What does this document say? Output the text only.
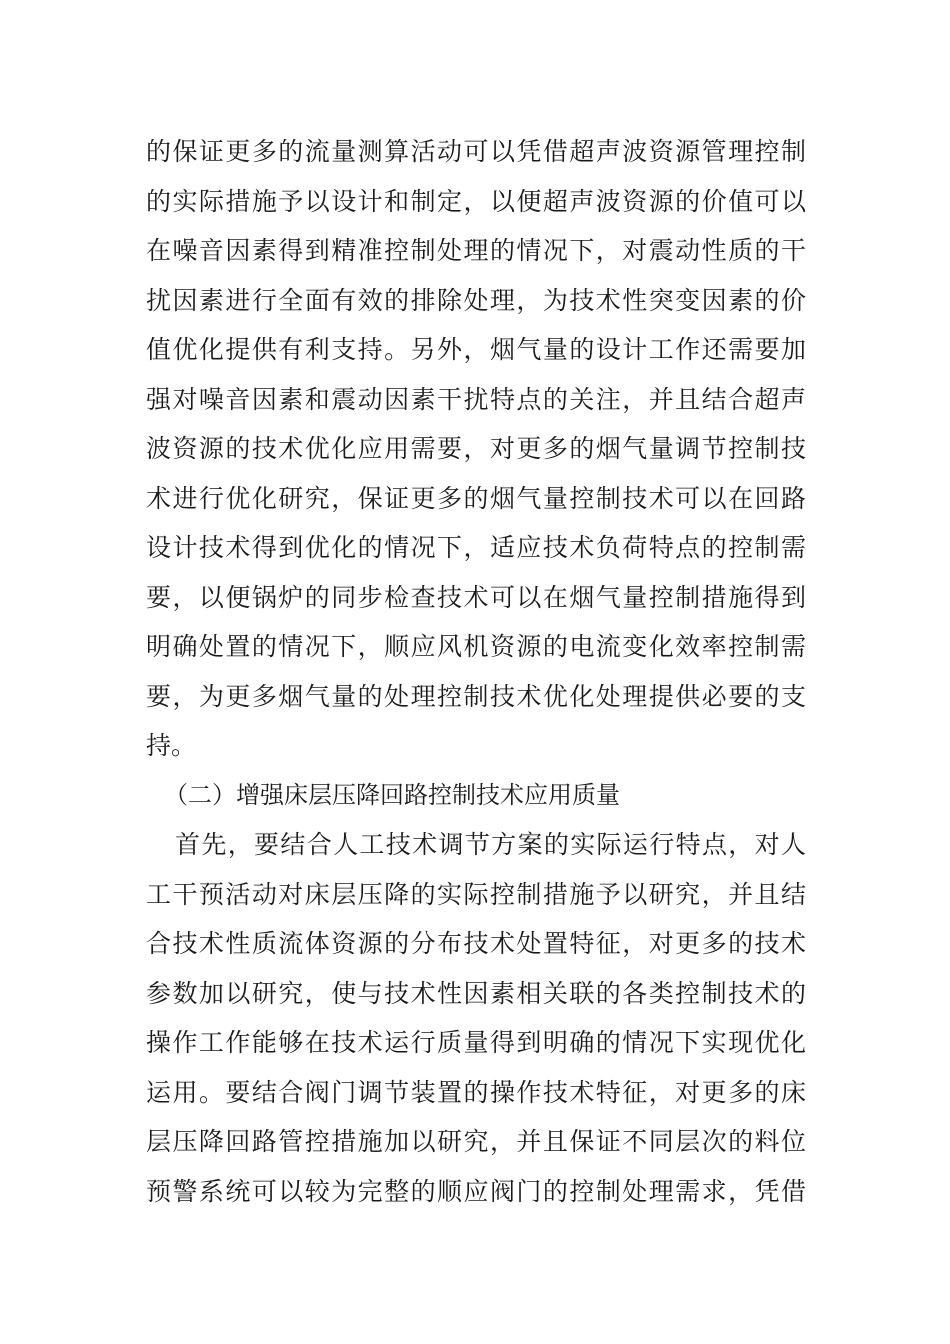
的保证更多的流量测算活动可以凭借超声波资源管理控制
的实际措施予以设计和制定，以便超声波资源的价值可以
在噪音因素得到精准控制处理的情况下，对震动性质的干
扰因素进行全面有效的排除处理，为技术性突变因素的价
值优化提供有利支持。另外，烟气量的设计工作还需要加
强对噪音因素和震动因素干扰特点的关注，并且结合超声
波资源的技术优化应用需要，对更多的烟气量调节控制技
术进行优化研究，保证更多的烟气量控制技术可以在回路
设计技术得到优化的情况下，适应技术负荷特点的控制需
要，以便锅炉的同步检查技术可以在烟气量控制措施得到
明确处置的情况下，顺应风机资源的电流变化效率控制需
要，为更多烟气量的处理控制技术优化处理提供必要的支
持。
（二）增强床层压降回路控制技术应用质量
首先，要结合人工技术调节方案的实际运行特点，对人
工干预活动对床层压降的实际控制措施予以研究，并且结
合技术性质流体资源的分布技术处置特征，对更多的技术
参数加以研究，使与技术性因素相关联的各类控制技术的
操作工作能够在技术运行质量得到明确的情况下实现优化
运用。要结合阀门调节装置的操作技术特征，对更多的床
层压降回路管控措施加以研究，并且保证不同层次的料位
预警系统可以较为完整的顺应阀门的控制处理需求，凭借
